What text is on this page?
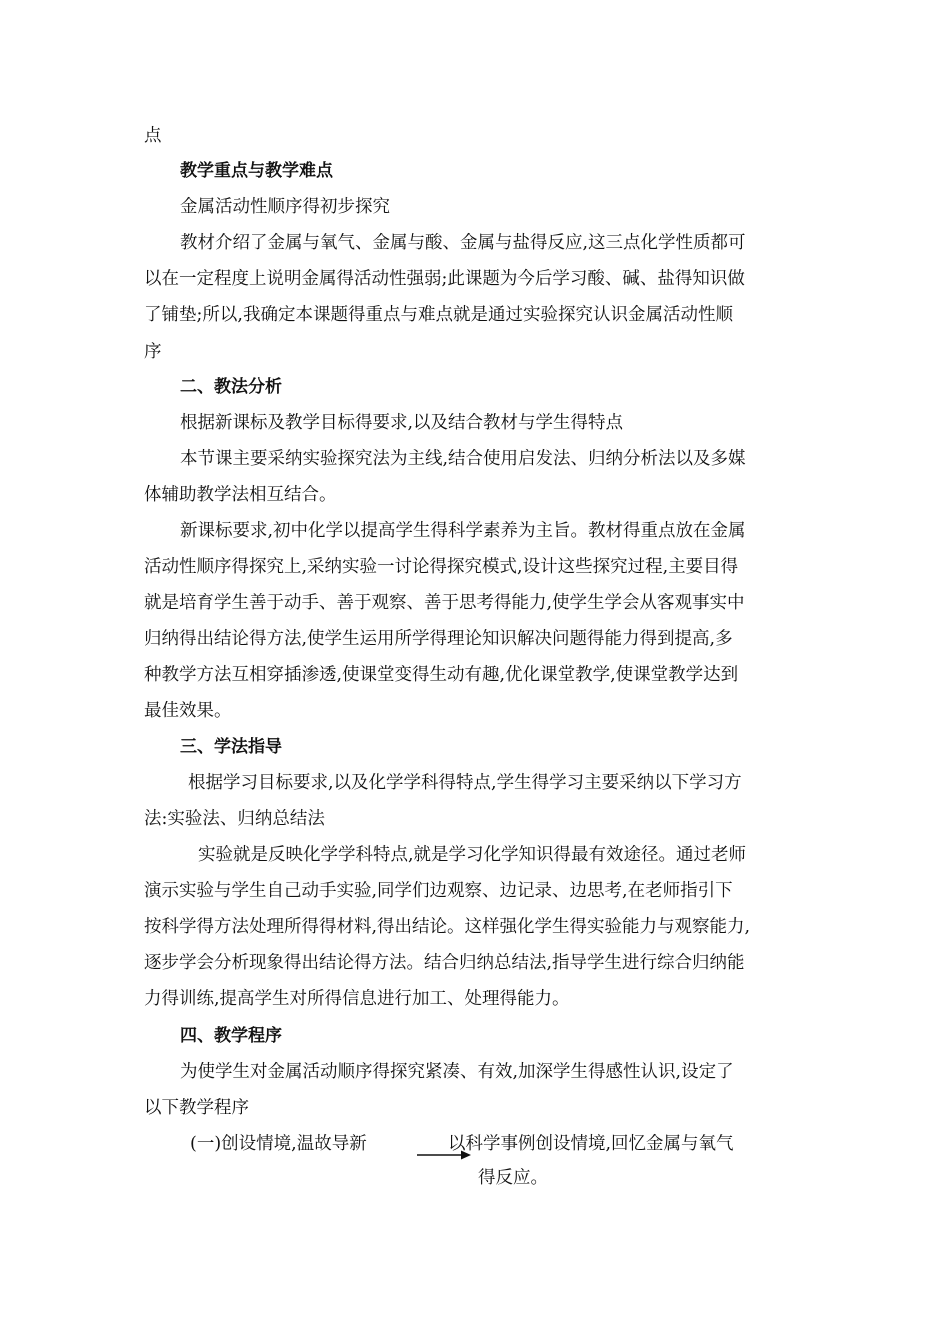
点
教学重点与教学难点
金属活动性顺序得初步探究
教材介绍了金属与氧气、金属与酸、金属与盐得反应,这三点化学性质都可
以在一定程度上说明金属得活动性强弱;此课题为今后学习酸、碱、盐得知识做
了铺垫;所以,我确定本课题得重点与难点就是通过实验探究认识金属活动性顺
序
二、教法分析
根据新课标及教学目标得要求,以及结合教材与学生得特点
本节课主要采纳实验探究法为主线,结合使用启发法、归纳分析法以及多媒
体辅助教学法相互结合。
新课标要求,初中化学以提高学生得科学素养为主旨。教材得重点放在金属
活动性顺序得探究上,采纳实验一讨论得探究模式,设计这些探究过程,主要目得
就是培育学生善于动手、善于观察、善于思考得能力,使学生学会从客观事实中
归纳得出结论得方法,使学生运用所学得理论知识解决问题得能力得到提高,多
种教学方法互相穿插渗透,使课堂变得生动有趣,优化课堂教学,使课堂教学达到
最佳效果。
三、学法指导
根据学习目标要求,以及化学学科得特点,学生得学习主要采纳以下学习方
法:实验法、归纳总结法
实验就是反映化学学科特点,就是学习化学知识得最有效途径。通过老师
演示实验与学生自己动手实验,同学们边观察、边记录、边思考,在老师指引下
按科学得方法处理所得得材料,得出结论。这样强化学生得实验能力与观察能力,
逐步学会分析现象得出结论得方法。结合归纳总结法,指导学生进行综合归纳能
力得训练,提高学生对所得信息进行加工、处理得能力。
四、教学程序
为使学生对金属活动顺序得探究紧凑、有效,加深学生得感性认识,设定了
以下教学程序
(一)创设情境,温故导新	以科学事例创设情境,回忆金属与氧气
得反应。
